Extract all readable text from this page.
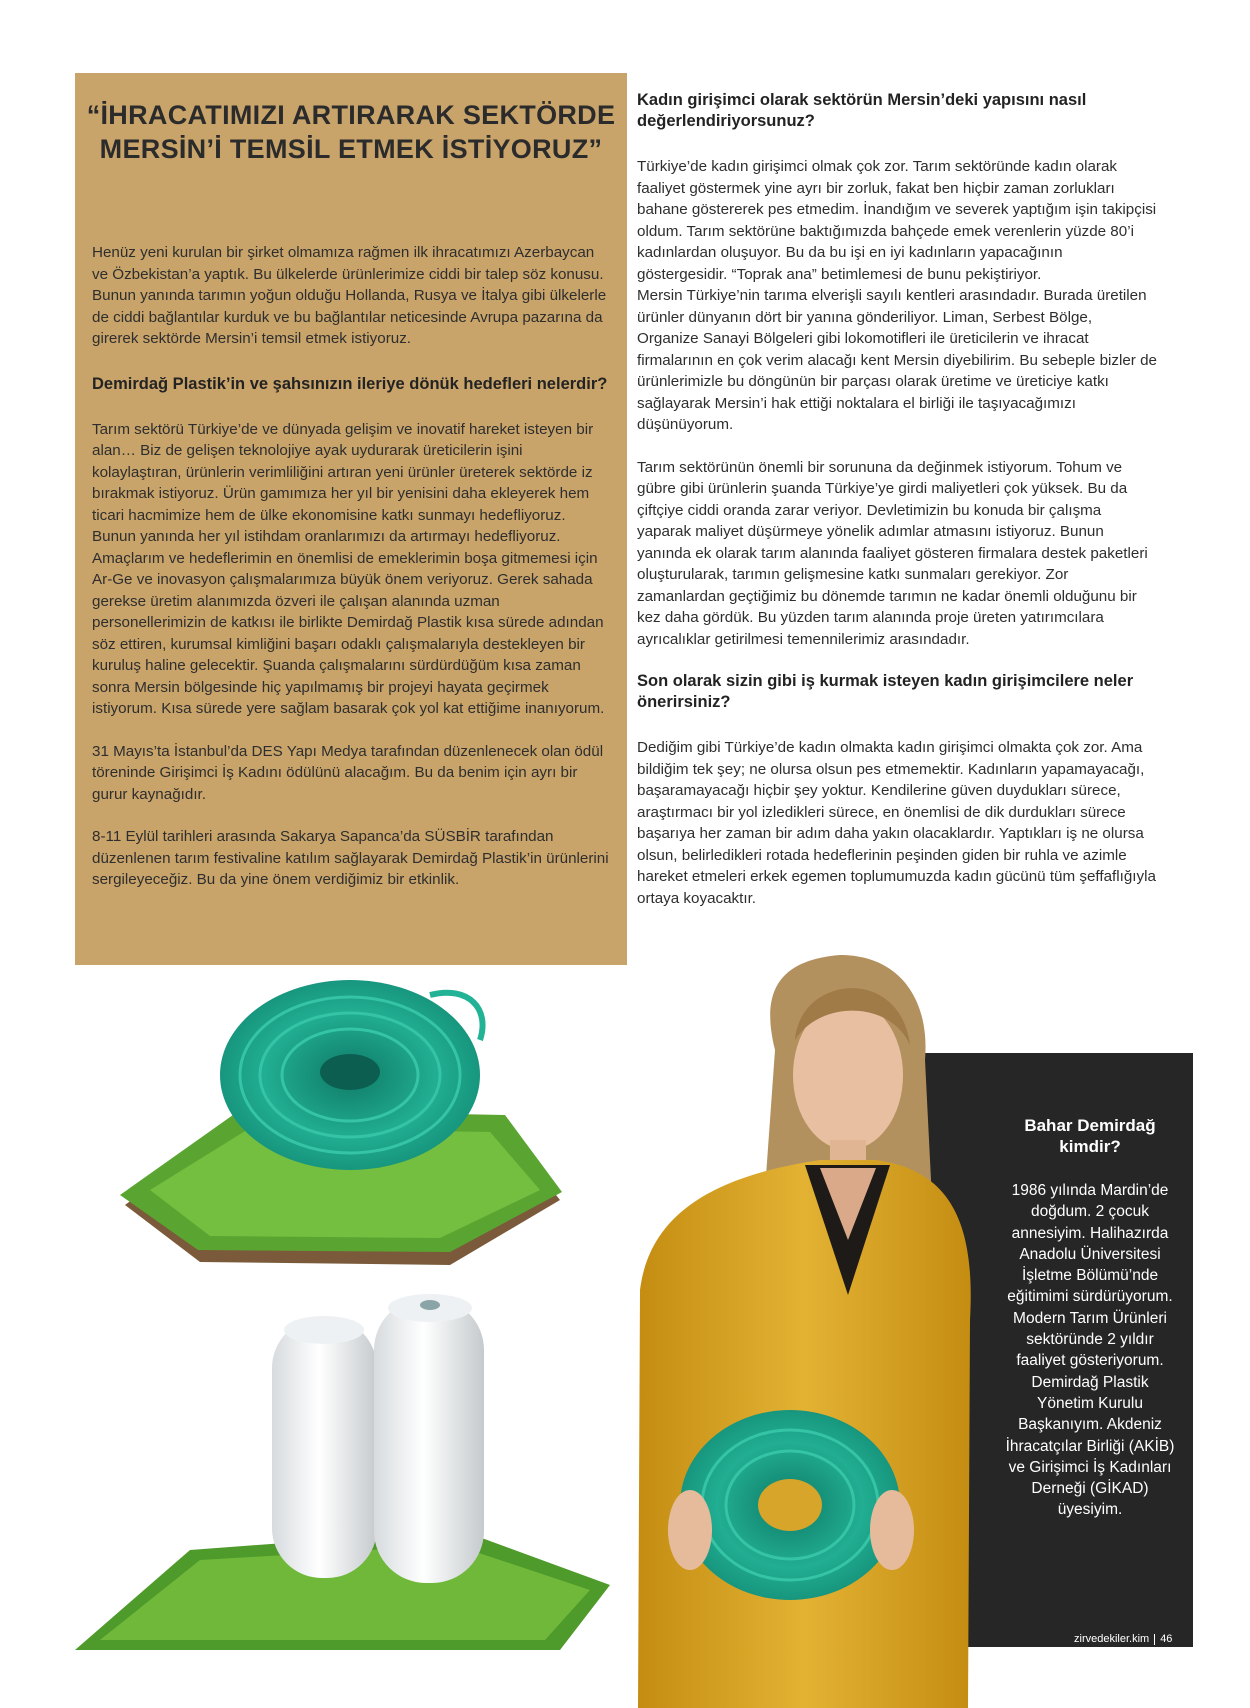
“İHRACATIMIZI ARTIRARAK SEKTÖRDE MERSİN’İ TEMSİL ETMEK İSTİYORUZ”

Henüz yeni kurulan bir şirket olmamıza rağmen ilk ihracatımızı Azerbaycan ve Özbekistan’a yaptık. Bu ülkelerde ürünlerimize ciddi bir talep söz konusu. Bunun yanında tarımın yoğun olduğu Hollanda, Rusya ve İtalya gibi ülkelerle de ciddi bağlantılar kurduk ve bu bağlantılar neticesinde Avrupa pazarına da girerek sektörde Mersin’i temsil etmek istiyoruz.

Demirdağ Plastik’in ve şahsınızın ileriye dönük hedefleri nelerdir?

Tarım sektörü Türkiye’de ve dünyada gelişim ve inovatif hareket isteyen bir alan… Biz de gelişen teknolojiye ayak uydurarak üreticilerin işini kolaylaştıran, ürünlerin verimliliğini artıran yeni ürünler üreterek sektörde iz bırakmak istiyoruz. Ürün gamımıza her yıl bir yenisini daha ekleyerek hem ticari hacmimize hem de ülke ekonomisine katkı sunmayı hedefliyoruz. Bunun yanında her yıl istihdam oranlarımızı da artırmayı hedefliyoruz. Amaçlarım ve hedeflerimin en önemlisi de emeklerimin boşa gitmemesi için Ar-Ge ve inovasyon çalışmalarımıza büyük önem veriyoruz. Gerek sahada gerekse üretim alanımızda özveri ile çalışan alanında uzman personellerimizin de katkısı ile birlikte Demirdağ Plastik kısa sürede adından söz ettiren, kurumsal kimliğini başarı odaklı çalışmalarıyla destekleyen bir kuruluş haline gelecektir. Şuanda çalışmalarını sürdürdüğüm kısa zaman sonra Mersin bölgesinde hiç yapılmamış bir projeyi hayata geçirmek istiyorum. Kısa sürede yere sağlam basarak çok yol kat ettiğime inanıyorum.

31 Mayıs’ta İstanbul’da DES Yapı Medya tarafından düzenlenecek olan ödül töreninde Girişimci İş Kadını ödülünü alacağım. Bu da benim için ayrı bir gurur kaynağıdır.

8-11 Eylül tarihleri arasında Sakarya Sapanca’da SÜSBİR tarafından düzenlenen tarım festivaline katılım sağlayarak Demirdağ Plastik’in ürünlerini sergileyeceğiz. Bu da yine önem verdiğimiz bir etkinlik.

Kadın girişimci olarak sektörün Mersin’deki yapısını nasıl değerlendiriyorsunuz?

Türkiye’de kadın girişimci olmak çok zor. Tarım sektöründe kadın olarak faaliyet göstermek yine ayrı bir zorluk, fakat ben hiçbir zaman zorlukları bahane göstererek pes etmedim. İnandığım ve severek yaptığım işin takipçisi oldum. Tarım sektörüne baktığımızda bahçede emek verenlerin yüzde 80’i kadınlardan oluşuyor. Bu da bu işi en iyi kadınların yapacağının göstergesidir. “Toprak ana” betimlemesi de bunu pekiştiriyor.

Mersin Türkiye’nin tarıma elverişli sayılı kentleri arasındadır. Burada üretilen ürünler dünyanın dört bir yanına gönderiliyor. Liman, Serbest Bölge, Organize Sanayi Bölgeleri gibi lokomotifleri ile üreticilerin ve ihracat firmalarının en çok verim alacağı kent Mersin diyebilirim. Bu sebeple bizler de ürünlerimizle bu döngünün bir parçası olarak üretime ve üreticiye katkı sağlayarak Mersin’i hak ettiği noktalara el birliği ile taşıyacağımızı düşünüyorum.

Tarım sektörünün önemli bir sorununa da değinmek istiyorum. Tohum ve gübre gibi ürünlerin şuanda Türkiye’ye girdi maliyetleri çok yüksek. Bu da çiftçiye ciddi oranda zarar veriyor. Devletimizin bu konuda bir çalışma yaparak maliyet düşürmeye yönelik adımlar atmasını istiyoruz. Bunun yanında ek olarak tarım alanında faaliyet gösteren firmalara destek paketleri oluşturularak, tarımın gelişmesine katkı sunmaları gerekiyor. Zor zamanlardan geçtiğimiz bu dönemde tarımın ne kadar önemli olduğunu bir kez daha gördük. Bu yüzden tarım alanında proje üreten yatırımcılara ayrıcalıklar getirilmesi temennilerimiz arasındadır.

Son olarak sizin gibi iş kurmak isteyen kadın girişimcilere neler önerirsiniz?

Dediğim gibi Türkiye’de kadın olmakta kadın girişimci olmakta çok zor. Ama bildiğim tek şey; ne olursa olsun pes etmemektir. Kadınların yapamayacağı, başaramayacağı hiçbir şey yoktur. Kendilerine güven duydukları sürece, araştırmacı bir yol izledikleri sürece, en önemlisi de dik durdukları sürece başarıya her zaman bir adım daha yakın olacaklardır. Yaptıkları iş ne olursa olsun, belirledikleri rotada hedeflerinin peşinden giden bir ruhla ve azimle hareket etmeleri erkek egemen toplumumuzda kadın gücünü tüm şeffaflığıyla ortaya koyacaktır.

Bahar Demirdağ kimdir?
1986 yılında Mardin’de doğdum. 2 çocuk annesiyim. Halihazırda Anadolu Üniversitesi İşletme Bölümü’nde eğitimimi sürdürüyorum. Modern Tarım Ürünleri sektöründe 2 yıldır faaliyet gösteriyorum. Demirdağ Plastik Yönetim Kurulu Başkanıyım. Akdeniz İhracatçılar Birliği (AKİB) ve Girişimci İş Kadınları Derneği (GİKAD) üyesiyim.
zirvedekiler.kim 46
